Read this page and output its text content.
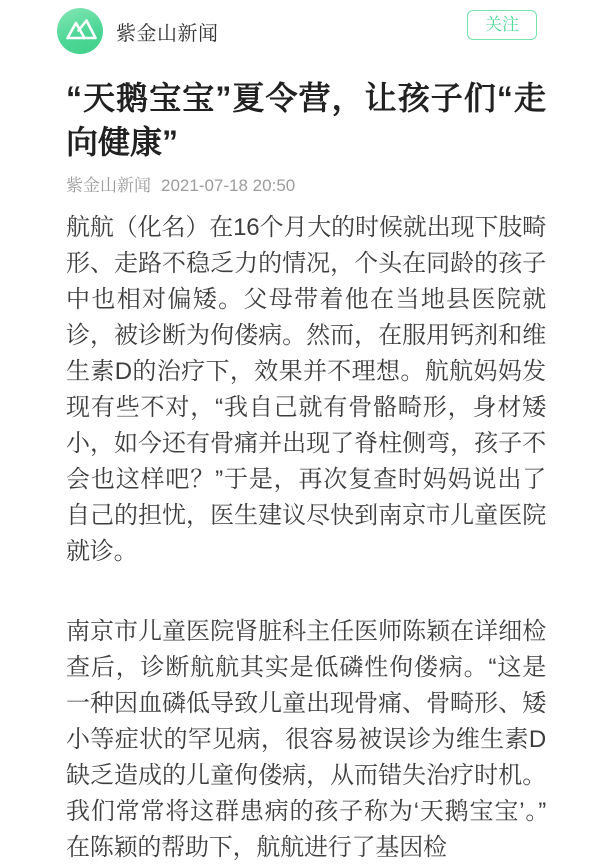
紫金山新闻	关注
“天鹅宝宝”夏令营，让孩子们“走向健康”
紫金山新闻 2021-07-18 20:50

航航（化名）在16个月大的时候就出现下肢畸形、走路不稳乏力的情况，个头在同龄的孩子中也相对偏矮。父母带着他在当地县医院就诊，被诊断为佝偻病。然而，在服用钙剂和维生素D的治疗下，效果并不理想。航航妈妈发现有些不对，“我自己就有骨骼畸形，身材矮小，如今还有骨痛并出现了脊柱侧弯，孩子不会也这样吧？”于是，再次复查时妈妈说出了自己的担忧，医生建议尽快到南京市儿童医院就诊。

南京市儿童医院肾脏科主任医师陈颖在详细检查后，诊断航航其实是低磷性佝偻病。“这是一种因血磷低导致儿童出现骨痛、骨畸形、矮小等症状的罕见病，很容易被误诊为维生素D缺乏造成的儿童佝偻病，从而错失治疗时机。我们常常将这群患病的孩子称为‘天鹅宝宝’。”在陈颖的帮助下，航航进行了基因检
